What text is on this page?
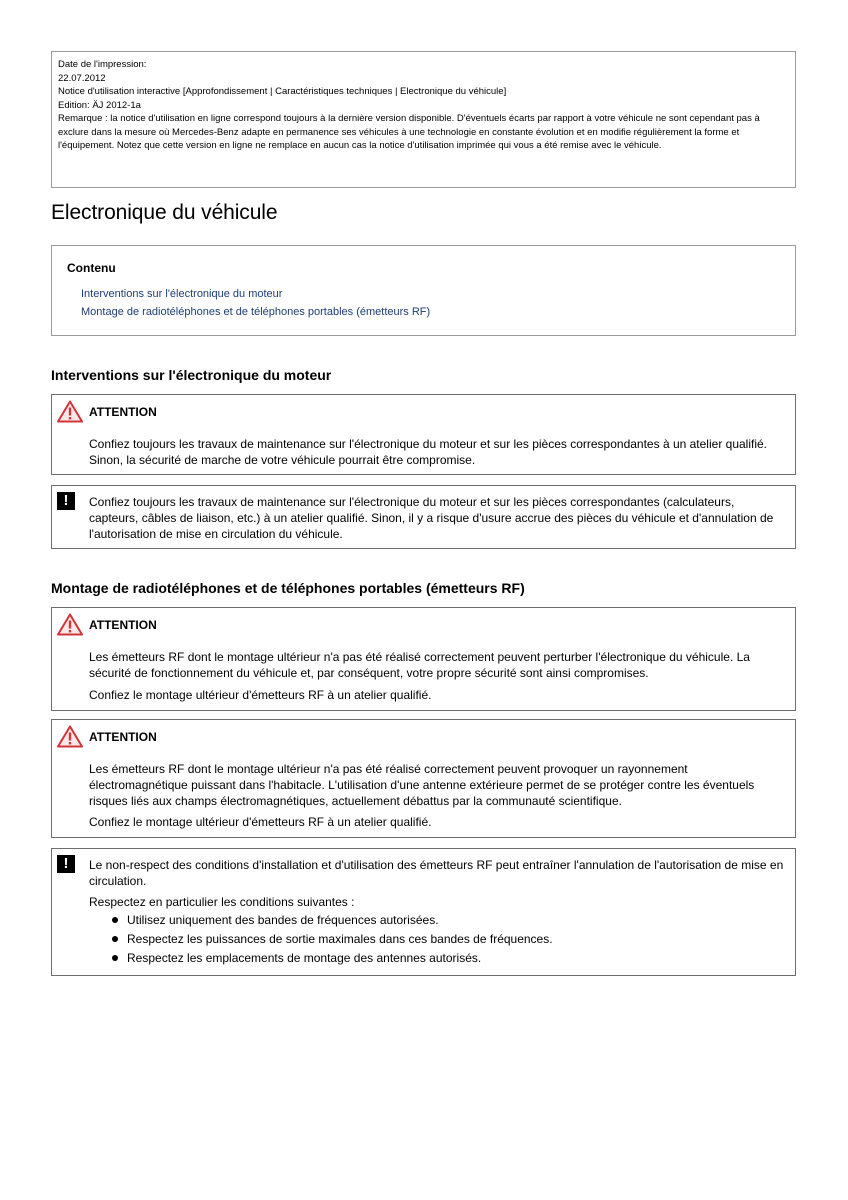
Date de l'impression:
22.07.2012
Notice d'utilisation interactive [Approfondissement | Caractéristiques techniques | Electronique du véhicule]
Edition: ÄJ 2012-1a
Remarque : la notice d'utilisation en ligne correspond toujours à la dernière version disponible. D'éventuels écarts par rapport à votre véhicule ne sont cependant pas à exclure dans la mesure où Mercedes-Benz adapte en permanence ses véhicules à une technologie en constante évolution et en modifie régulièrement la forme et l'équipement. Notez que cette version en ligne ne remplace en aucun cas la notice d'utilisation imprimée qui vous a été remise avec le véhicule.
Electronique du véhicule
Contenu
Interventions sur l'électronique du moteur
Montage de radiotéléphones et de téléphones portables (émetteurs RF)
Interventions sur l'électronique du moteur
ATTENTION

Confiez toujours les travaux de maintenance sur l'électronique du moteur et sur les pièces correspondantes à un atelier qualifié. Sinon, la sécurité de marche de votre véhicule pourrait être compromise.

!	Confiez toujours les travaux de maintenance sur l'électronique du moteur et sur les pièces correspondantes (calculateurs, capteurs, câbles de liaison, etc.) à un atelier qualifié. Sinon, il y a risque d'usure accrue des pièces du véhicule et d'annulation de l'autorisation de mise en circulation du véhicule.

Montage de radiotéléphones et de téléphones portables (émetteurs RF)
ATTENTION

Les émetteurs RF dont le montage ultérieur n'a pas été réalisé correctement peuvent perturber l'électronique du véhicule. La sécurité de fonctionnement du véhicule et, par conséquent, votre propre sécurité sont ainsi compromises.

Confiez le montage ultérieur d'émetteurs RF à un atelier qualifié.

ATTENTION

Les émetteurs RF dont le montage ultérieur n'a pas été réalisé correctement peuvent provoquer un rayonnement électromagnétique puissant dans l'habitacle. L'utilisation d'une antenne extérieure permet de se protéger contre les éventuels risques liés aux champs électromagnétiques, actuellement débattus par la communauté scientifique.

Confiez le montage ultérieur d'émetteurs RF à un atelier qualifié.

!	Le non-respect des conditions d'installation et d'utilisation des émetteurs RF peut entraîner l'annulation de l'autorisation de mise en circulation.

Respectez en particulier les conditions suivantes :

Utilisez uniquement des bandes de fréquences autorisées.
Respectez les puissances de sortie maximales dans ces bandes de fréquences.
Respectez les emplacements de montage des antennes autorisés.
